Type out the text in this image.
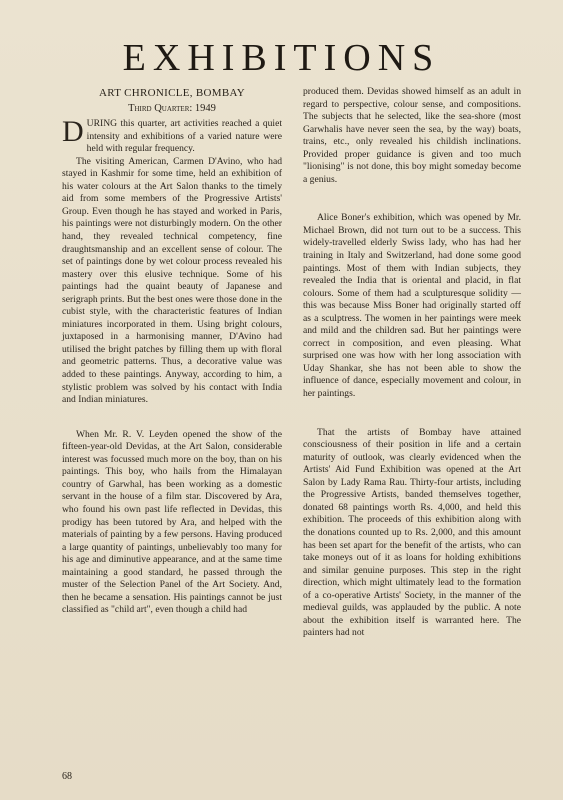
EXHIBITIONS
ART CHRONICLE, BOMBAY
Third Quarter: 1949

DURING this quarter, art activities reached a quiet intensity and exhibitions of a varied nature were held with regular frequency.

The visiting American, Carmen D'Avino, who had stayed in Kashmir for some time, held an exhibition of his water colours at the Art Salon thanks to the timely aid from some members of the Progressive Artists' Group. Even though he has stayed and worked in Paris, his paintings were not disturbingly modern. On the other hand, they revealed technical competency, fine draughtsmanship and an excellent sense of colour. The set of paintings done by wet colour process revealed his mastery over this elusive technique. Some of his paintings had the quaint beauty of Japanese and serigraph prints. But the best ones were those done in the cubist style, with the characteristic features of Indian miniatures incorporated in them. Using bright colours, juxtaposed in a harmonising manner, D'Avino had utilised the bright patches by filling them up with floral and geometric patterns. Thus, a decorative value was added to these paintings. Anyway, according to him, a stylistic problem was solved by his contact with India and Indian miniatures.

When Mr. R. V. Leyden opened the show of the fifteen-year-old Devidas, at the Art Salon, considerable interest was focussed much more on the boy, than on his paintings. This boy, who hails from the Himalayan country of Garwhal, has been working as a domestic servant in the house of a film star. Discovered by Ara, who found his own past life reflected in Devidas, this prodigy has been tutored by Ara, and helped with the materials of painting by a few persons. Having produced a large quantity of paintings, unbelievably too many for his age and diminutive appearance, and at the same time maintaining a good standard, he passed through the muster of the Selection Panel of the Art Society. And, then he became a sensation. His paintings cannot be just classified as "child art", even though a child had

produced them. Devidas showed himself as an adult in regard to perspective, colour sense, and compositions. The subjects that he selected, like the sea-shore (most Garwhalis have never seen the sea, by the way) boats, trains, etc., only revealed his childish inclinations. Provided proper guidance is given and too much "lionising" is not done, this boy might someday become a genius.

Alice Boner's exhibition, which was opened by Mr. Michael Brown, did not turn out to be a success. This widely-travelled elderly Swiss lady, who has had her training in Italy and Switzerland, had done some good paintings. Most of them with Indian subjects, they revealed the India that is oriental and placid, in flat colours. Some of them had a sculpturesque solidity — this was because Miss Boner had originally started off as a sculptress. The women in her paintings were meek and mild and the children sad. But her paintings were correct in composition, and even pleasing. What surprised one was how with her long association with Uday Shankar, she has not been able to show the influence of dance, especially movement and colour, in her paintings.

That the artists of Bombay have attained consciousness of their position in life and a certain maturity of outlook, was clearly evidenced when the Artists' Aid Fund Exhibition was opened at the Art Salon by Lady Rama Rau. Thirty-four artists, including the Progressive Artists, banded themselves together, donated 68 paintings worth Rs. 4,000, and held this exhibition. The proceeds of this exhibition along with the donations counted up to Rs. 2,000, and this amount has been set apart for the benefit of the artists, who can take moneys out of it as loans for holding exhibitions and similar genuine purposes. This step in the right direction, which might ultimately lead to the formation of a co-operative Artists' Society, in the manner of the medieval guilds, was applauded by the public. A note about the exhibition itself is warranted here. The painters had not

68
